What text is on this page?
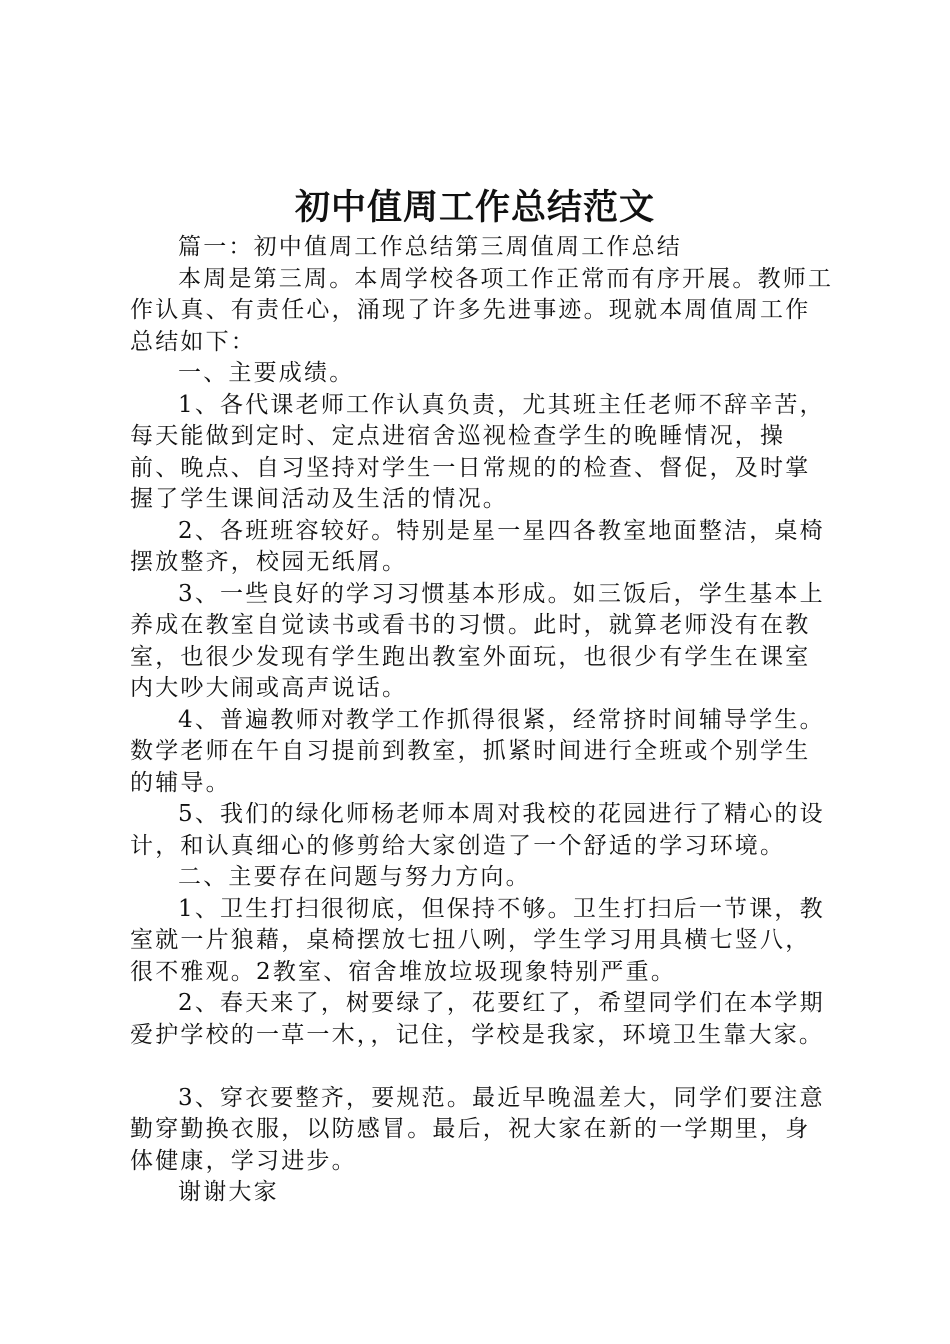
初中值周工作总结范文

篇一：初中值周工作总结第三周值周工作总结

本周是第三周。本周学校各项工作正常而有序开展。教师工作认真、有责任心，涌现了许多先进事迹。现就本周值周工作总结如下：

一、主要成绩。

1、各代课老师工作认真负责，尤其班主任老师不辞辛苦，每天能做到定时、定点进宿舍巡视检查学生的晚睡情况，操前、晚点、自习坚持对学生一日常规的的检查、督促，及时掌握了学生课间活动及生活的情况。

2、各班班容较好。特别是星一星四各教室地面整洁，桌椅摆放整齐，校园无纸屑。

3、一些良好的学习习惯基本形成。如三饭后，学生基本上养成在教室自觉读书或看书的习惯。此时，就算老师没有在教室，也很少发现有学生跑出教室外面玩，也很少有学生在课室内大吵大闹或高声说话。

4、普遍教师对教学工作抓得很紧，经常挤时间辅导学生。数学老师在午自习提前到教室，抓紧时间进行全班或个别学生的辅导。

5、我们的绿化师杨老师本周对我校的花园进行了精心的设计，和认真细心的修剪给大家创造了一个舒适的学习环境。

二、主要存在问题与努力方向。

1、卫生打扫很彻底，但保持不够。卫生打扫后一节课，教室就一片狼藉，桌椅摆放七扭八咧，学生学习用具横七竖八，很不雅观。2教室、宿舍堆放垃圾现象特别严重。

2、春天来了，树要绿了，花要红了，希望同学们在本学期爱护学校的一草一木，，记住，学校是我家，环境卫生靠大家。

3、穿衣要整齐，要规范。最近早晚温差大，同学们要注意勤穿勤换衣服，以防感冒。最后，祝大家在新的一学期里，身体健康，学习进步。

谢谢大家
